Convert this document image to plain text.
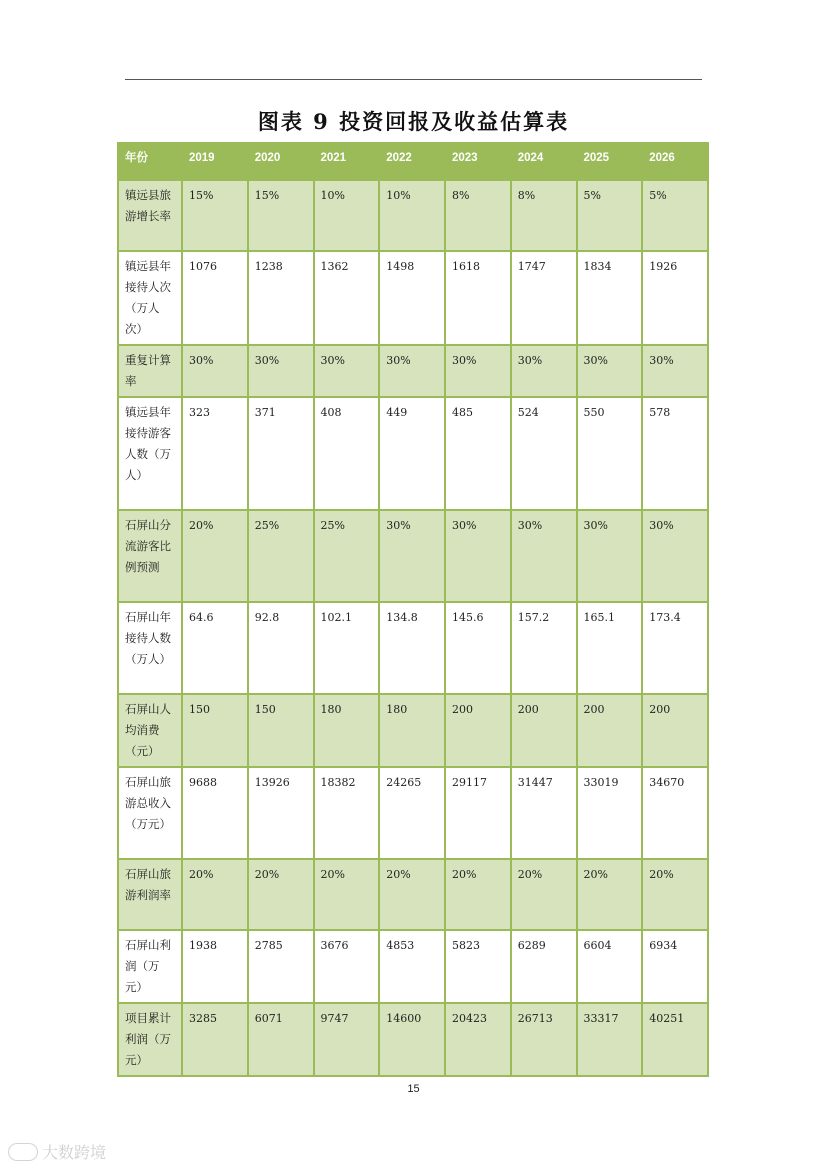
图表 9 投资回报及收益估算表
年份	2019	2020	2021	2022	2023	2024	2025	2026
镇远县旅游增长率	15%	15%	10%	10%	8%	8%	5%	5%
镇远县年接待人次（万人次）	1076	1238	1362	1498	1618	1747	1834	1926
重复计算率	30%	30%	30%	30%	30%	30%	30%	30%
镇远县年接待游客人数（万人）	323	371	408	449	485	524	550	578
石屏山分流游客比例预测	20%	25%	25%	30%	30%	30%	30%	30%
石屏山年接待人数（万人）	64.6	92.8	102.1	134.8	145.6	157.2	165.1	173.4
石屏山人均消费（元）	150	150	180	180	200	200	200	200
石屏山旅游总收入（万元）	9688	13926	18382	24265	29117	31447	33019	34670
石屏山旅游利润率	20%	20%	20%	20%	20%	20%	20%	20%
石屏山利润（万元）	1938	2785	3676	4853	5823	6289	6604	6934
项目累计利润（万元）	3285	6071	9747	14600	20423	26713	33317	40251
15
大数跨境
